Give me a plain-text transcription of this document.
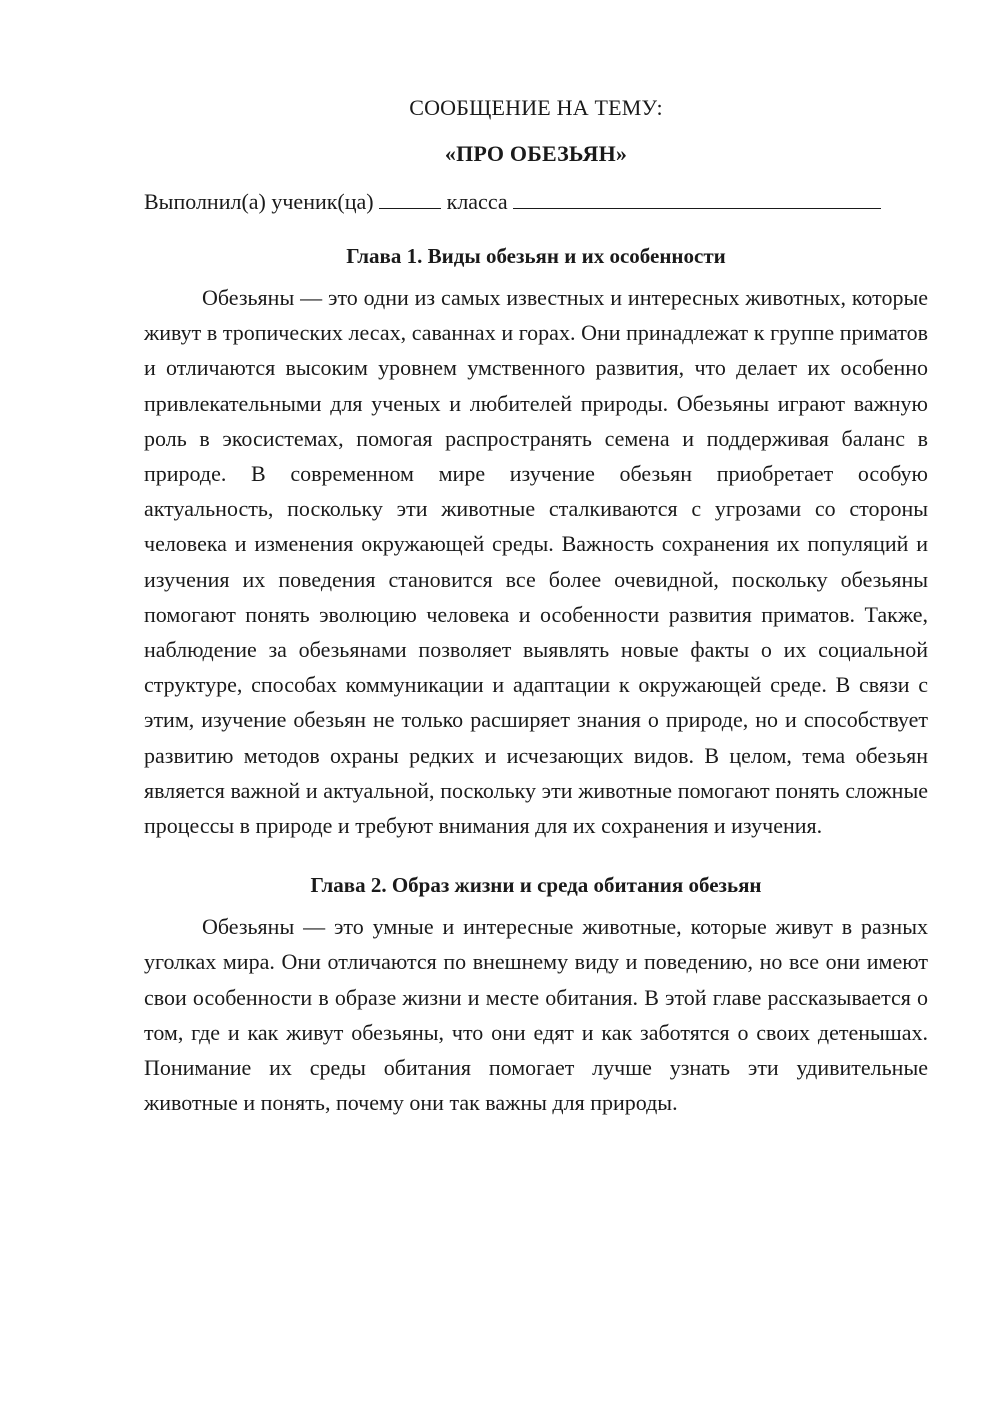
СООБЩЕНИЕ НА ТЕМУ:

«ПРО ОБЕЗЬЯН»

Выполнил(а) ученик(ца)	класса

Глава 1. Виды обезьян и их особенности

Обезьяны — это одни из самых известных и интересных животных, которые живут в тропических лесах, саваннах и горах. Они принадлежат к группе приматов и отличаются высоким уровнем умственного развития, что делает их особенно привлекательными для ученых и любителей природы. Обезьяны играют важную роль в экосистемах, помогая распространять семена и поддерживая баланс в природе. В современном мире изучение обезьян приобретает особую актуальность, поскольку эти животные сталкиваются с угрозами со стороны человека и изменения окружающей среды. Важность сохранения их популяций и изучения их поведения становится все более очевидной, поскольку обезьяны помогают понять эволюцию человека и особенности развития приматов. Также, наблюдение за обезьянами позволяет выявлять новые факты о их социальной структуре, способах коммуникации и адаптации к окружающей среде. В связи с этим, изучение обезьян не только расширяет знания о природе, но и способствует развитию методов охраны редких и исчезающих видов. В целом, тема обезьян является важной и актуальной, поскольку эти животные помогают понять сложные процессы в природе и требуют внимания для их сохранения и изучения.

Глава 2. Образ жизни и среда обитания обезьян

Обезьяны — это умные и интересные животные, которые живут в разных уголках мира. Они отличаются по внешнему виду и поведению, но все они имеют свои особенности в образе жизни и месте обитания. В этой главе рассказывается о том, где и как живут обезьяны, что они едят и как заботятся о своих детенышах. Понимание их среды обитания помогает лучше узнать эти удивительные животные и понять, почему они так важны для природы.
